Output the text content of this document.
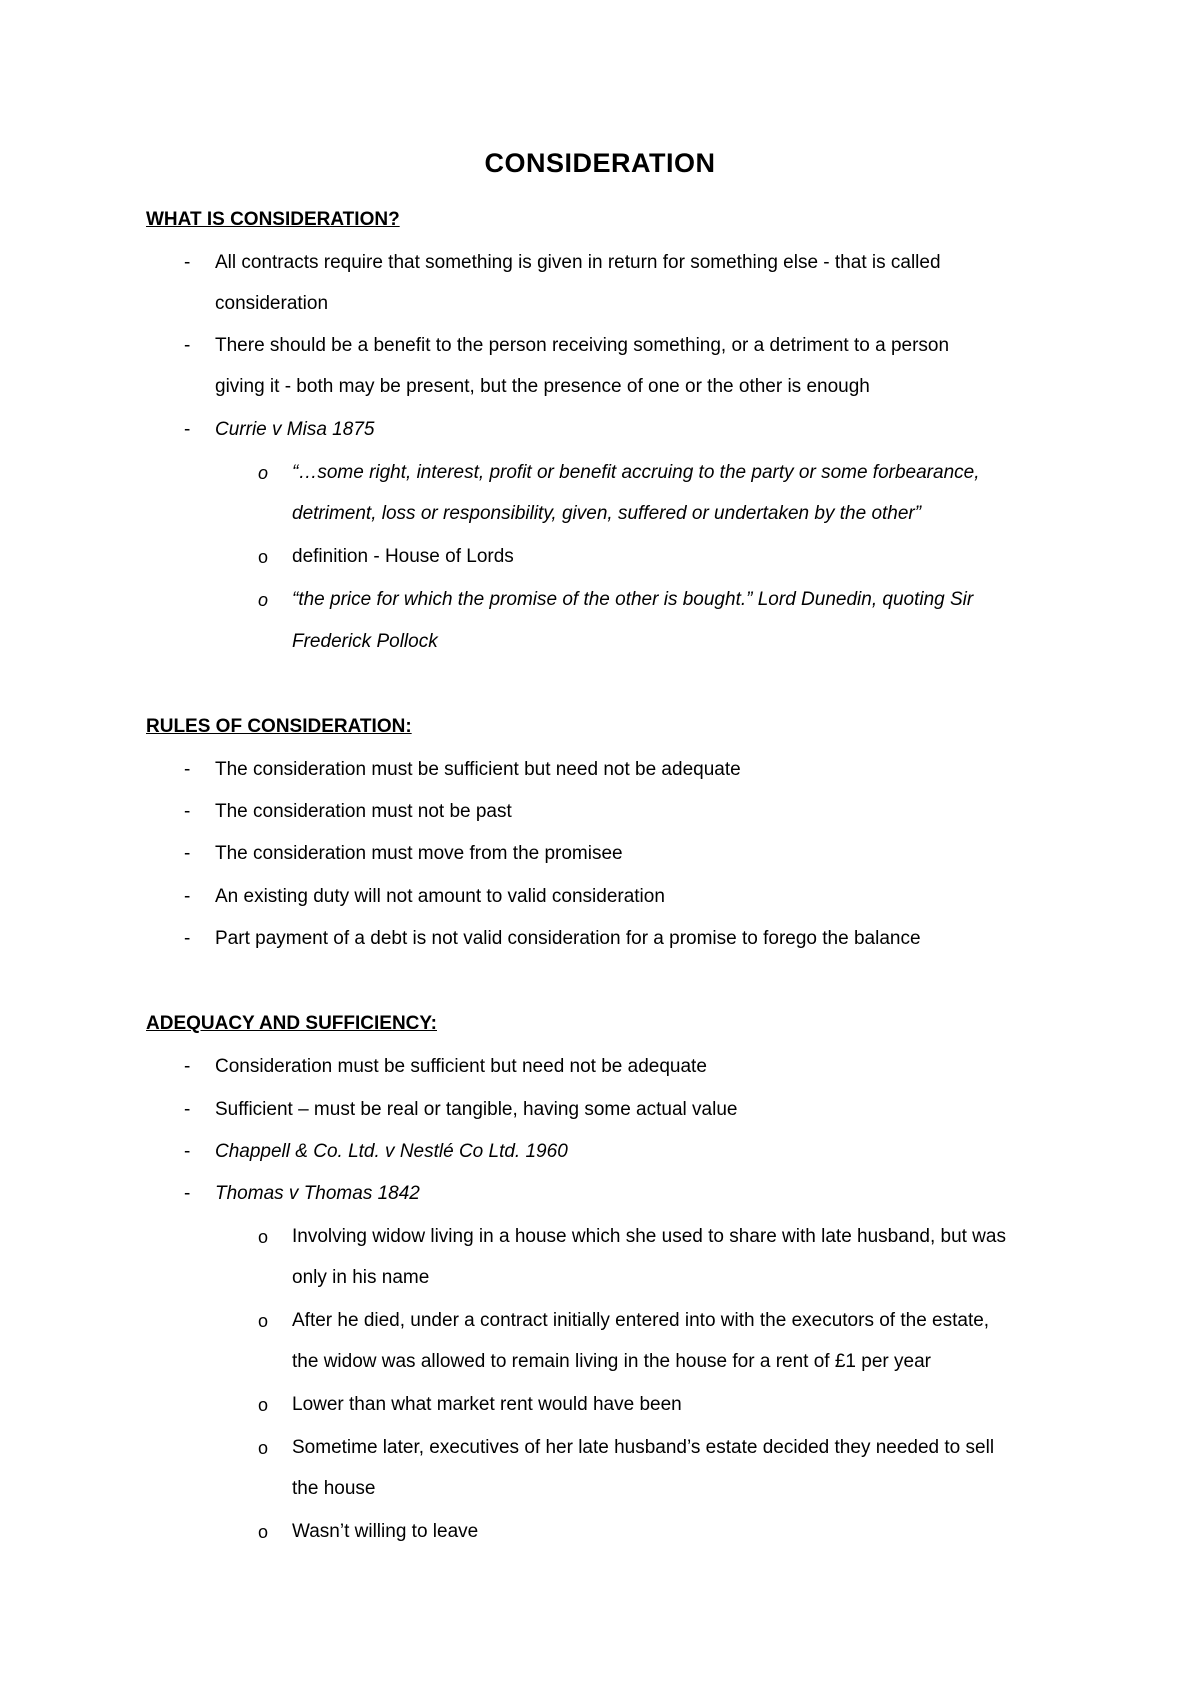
CONSIDERATION

WHAT IS CONSIDERATION?

- All contracts require that something is given in return for something else - that is called

consideration

- There should be a benefit to the person receiving something, or a detriment to a person

giving it - both may be present, but the presence of one or the other is enough

- Currie v Misa 1875

o “…some right, interest, profit or benefit accruing to the party or some forbearance,

detriment, loss or responsibility, given, suffered or undertaken by the other”

o definition - House of Lords

o “the price for which the promise of the other is bought.” Lord Dunedin, quoting Sir

Frederick Pollock

RULES OF CONSIDERATION:

- The consideration must be sufficient but need not be adequate

- The consideration must not be past

- The consideration must move from the promisee

- An existing duty will not amount to valid consideration

- Part payment of a debt is not valid consideration for a promise to forego the balance

ADEQUACY AND SUFFICIENCY:

- Consideration must be sufficient but need not be adequate

- Sufficient – must be real or tangible, having some actual value

- Chappell & Co. Ltd. v Nestlé Co Ltd. 1960

- Thomas v Thomas 1842

o Involving widow living in a house which she used to share with late husband, but was

only in his name

o After he died, under a contract initially entered into with the executors of the estate,

the widow was allowed to remain living in the house for a rent of £1 per year

o Lower than what market rent would have been

o Sometime later, executives of her late husband’s estate decided they needed to sell

the house

o Wasn’t willing to leave
